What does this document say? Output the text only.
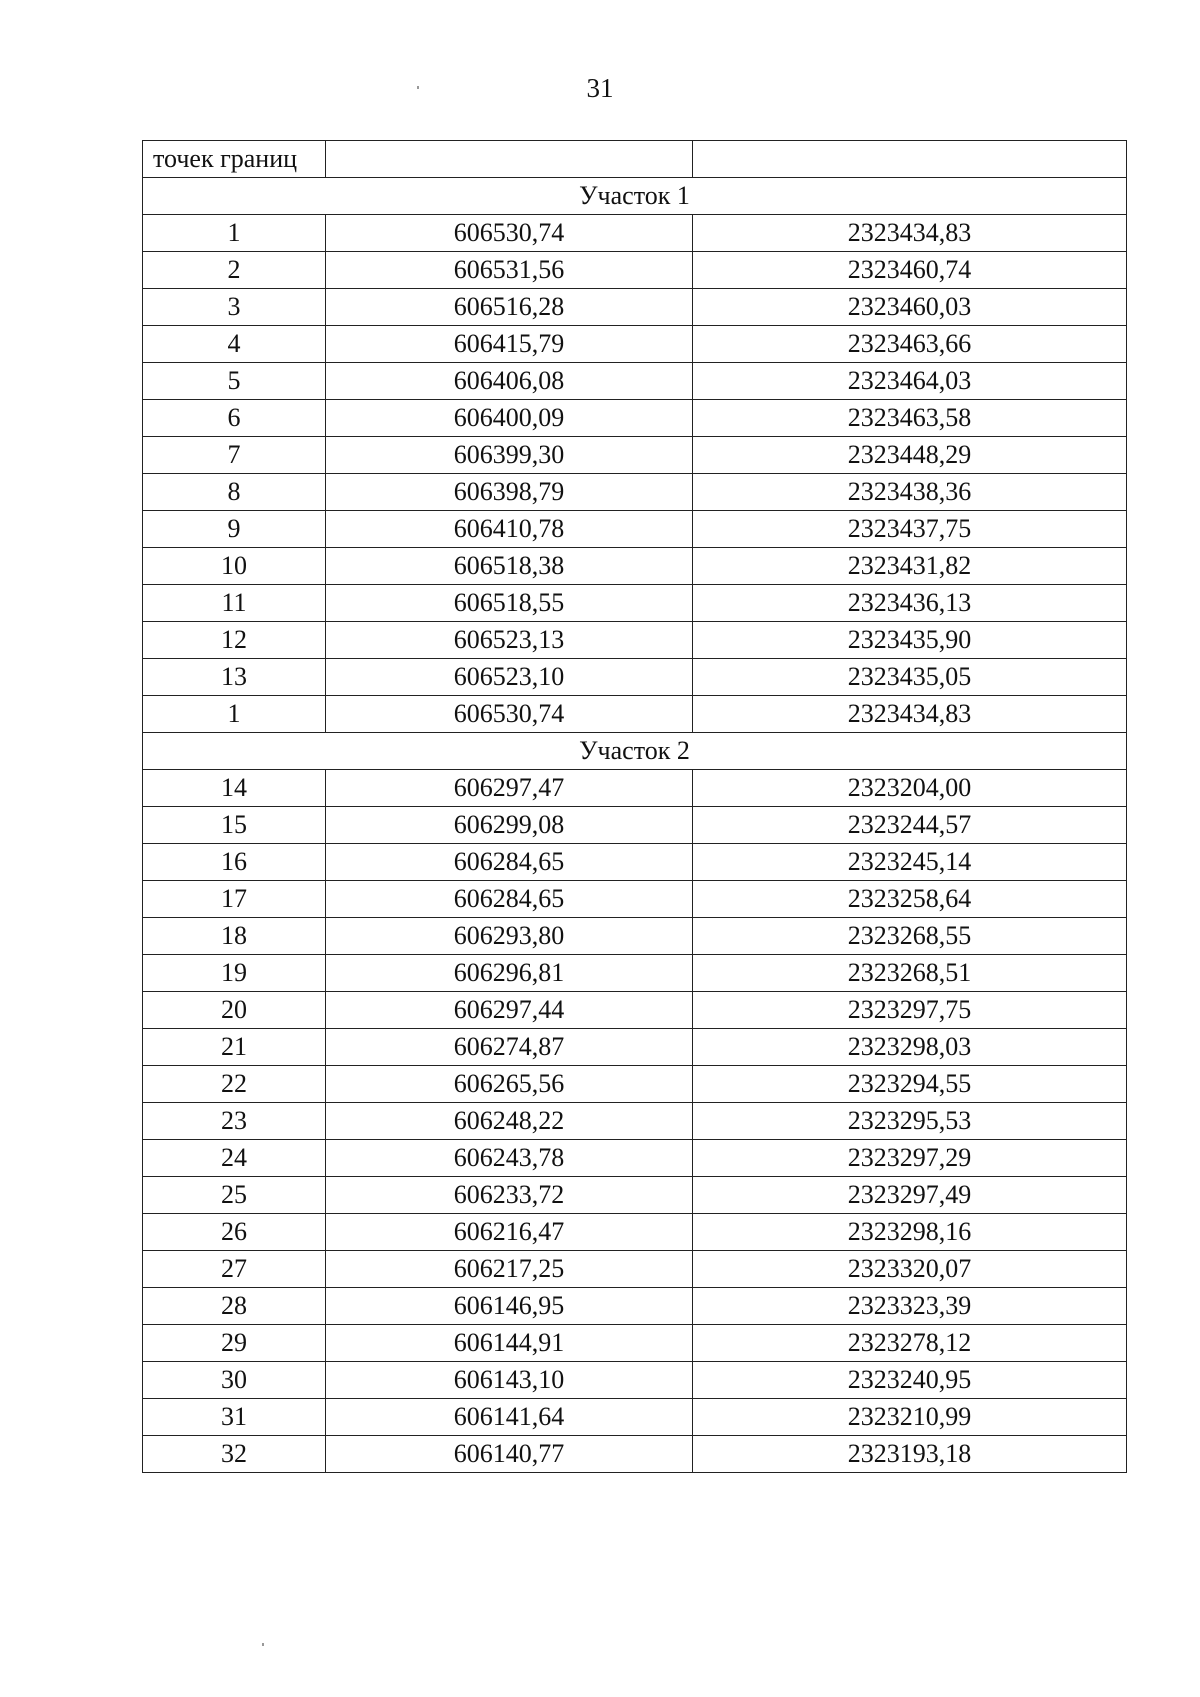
31
точек границ		
Участок 1		
1	606530,74	2323434,83
2	606531,56	2323460,74
3	606516,28	2323460,03
4	606415,79	2323463,66
5	606406,08	2323464,03
6	606400,09	2323463,58
7	606399,30	2323448,29
8	606398,79	2323438,36
9	606410,78	2323437,75
10	606518,38	2323431,82
11	606518,55	2323436,13
12	606523,13	2323435,90
13	606523,10	2323435,05
1	606530,74	2323434,83
Участок 2		
14	606297,47	2323204,00
15	606299,08	2323244,57
16	606284,65	2323245,14
17	606284,65	2323258,64
18	606293,80	2323268,55
19	606296,81	2323268,51
20	606297,44	2323297,75
21	606274,87	2323298,03
22	606265,56	2323294,55
23	606248,22	2323295,53
24	606243,78	2323297,29
25	606233,72	2323297,49
26	606216,47	2323298,16
27	606217,25	2323320,07
28	606146,95	2323323,39
29	606144,91	2323278,12
30	606143,10	2323240,95
31	606141,64	2323210,99
32	606140,77	2323193,18
